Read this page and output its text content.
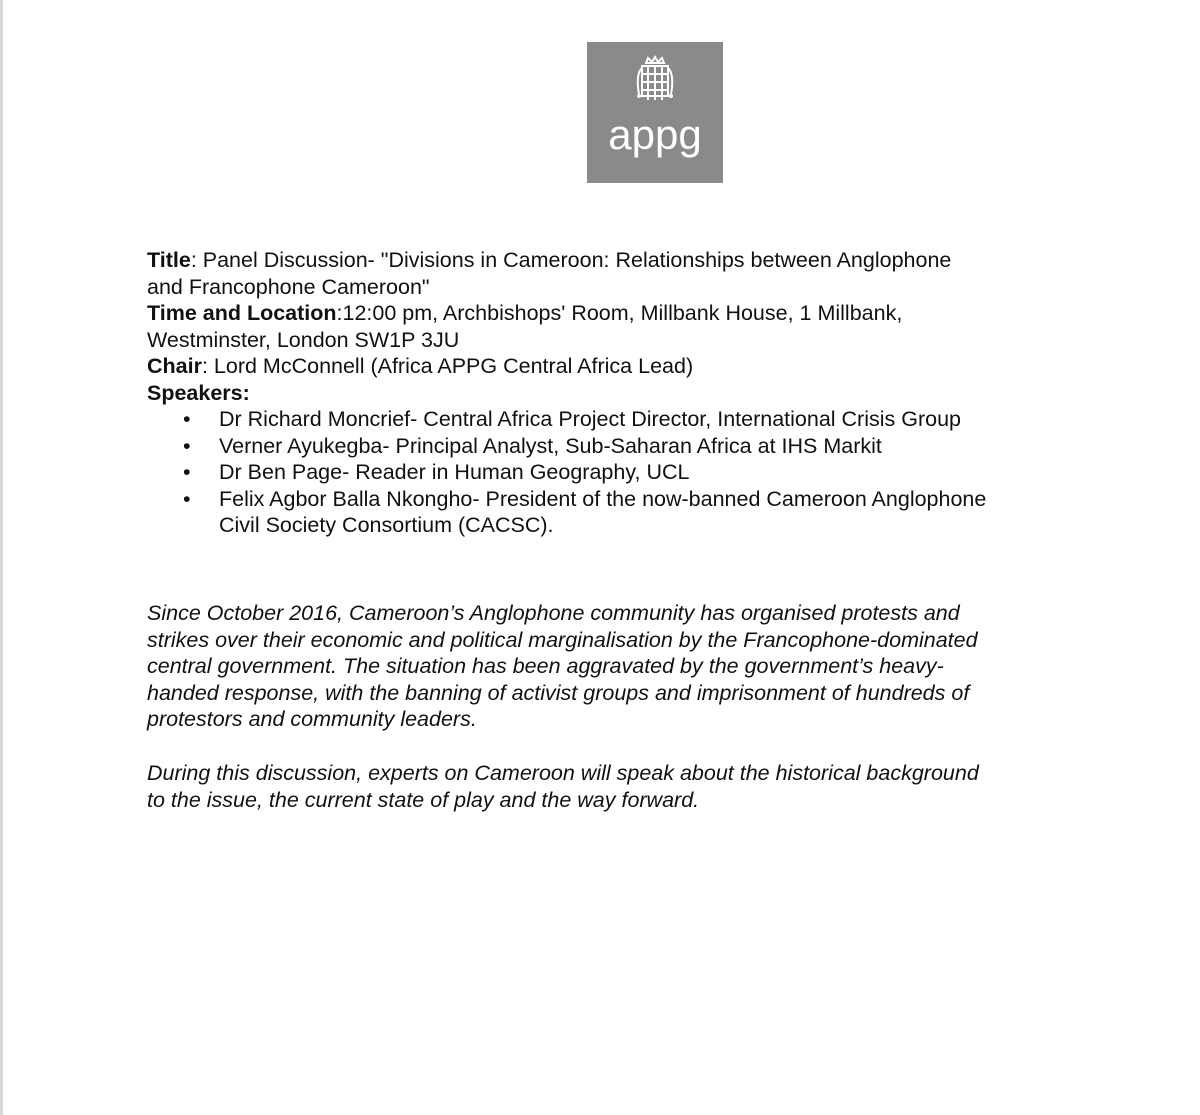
appg
Title: Panel Discussion- "Divisions in Cameroon: Relationships between Anglophone
and Francophone Cameroon"
Time and Location:12:00 pm, Archbishops' Room, Millbank House, 1 Millbank,
Westminster, London SW1P 3JU
Chair: Lord McConnell (Africa APPG Central Africa Lead)
Speakers:
• Dr Richard Moncrief- Central Africa Project Director, International Crisis Group
• Verner Ayukegba- Principal Analyst, Sub-Saharan Africa at IHS Markit
• Dr Ben Page- Reader in Human Geography, UCL
• Felix Agbor Balla Nkongho- President of the now-banned Cameroon Anglophone
Civil Society Consortium (CACSC).
Since October 2016, Cameroon’s Anglophone community has organised protests and
strikes over their economic and political marginalisation by the Francophone-dominated
central government. The situation has been aggravated by the government’s heavy-
handed response, with the banning of activist groups and imprisonment of hundreds of
protestors and community leaders.
During this discussion, experts on Cameroon will speak about the historical background
to the issue, the current state of play and the way forward.
